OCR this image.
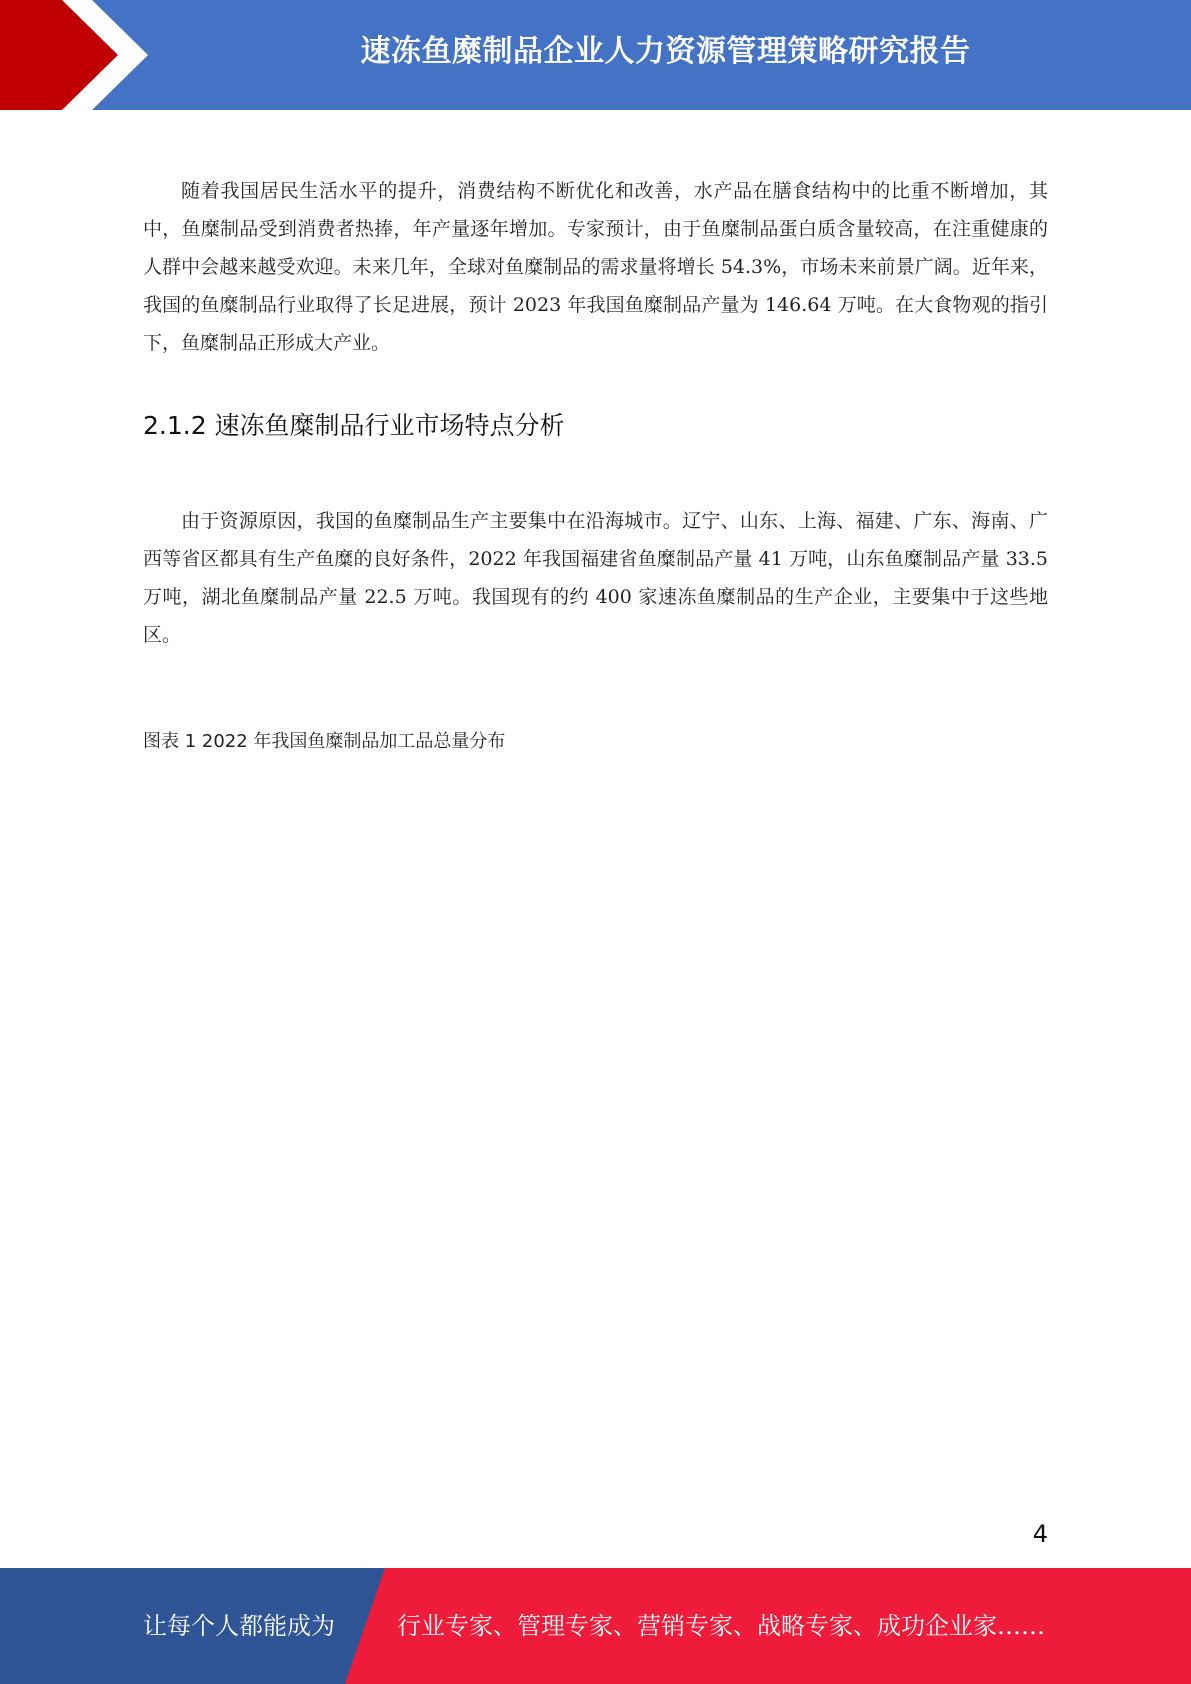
速冻鱼糜制品企业人力资源管理策略研究报告

随着我国居民生活水平的提升，消费结构不断优化和改善，水产品在膳食结构中的比重不断增加，其中，鱼糜制品受到消费者热捧，年产量逐年增加。专家预计，由于鱼糜制品蛋白质含量较高，在注重健康的人群中会越来越受欢迎。未来几年，全球对鱼糜制品的需求量将增长 54.3%，市场未来前景广阔。近年来，我国的鱼糜制品行业取得了长足进展，预计 2023 年我国鱼糜制品产量为 146.64 万吨。在大食物观的指引下，鱼糜制品正形成大产业。

2.1.2 速冻鱼糜制品行业市场特点分析

由于资源原因，我国的鱼糜制品生产主要集中在沿海城市。辽宁、山东、上海、福建、广东、海南、广西等省区都具有生产鱼糜的良好条件，2022 年我国福建省鱼糜制品产量 41 万吨，山东鱼糜制品产量 33.5 万吨，湖北鱼糜制品产量 22.5 万吨。我国现有的约 400 家速冻鱼糜制品的生产企业，主要集中于这些地区。

图表 1 2022 年我国鱼糜制品加工品总量分布
4
让每个人都能成为	行业专家、管理专家、营销专家、战略专家、成功企业家……
